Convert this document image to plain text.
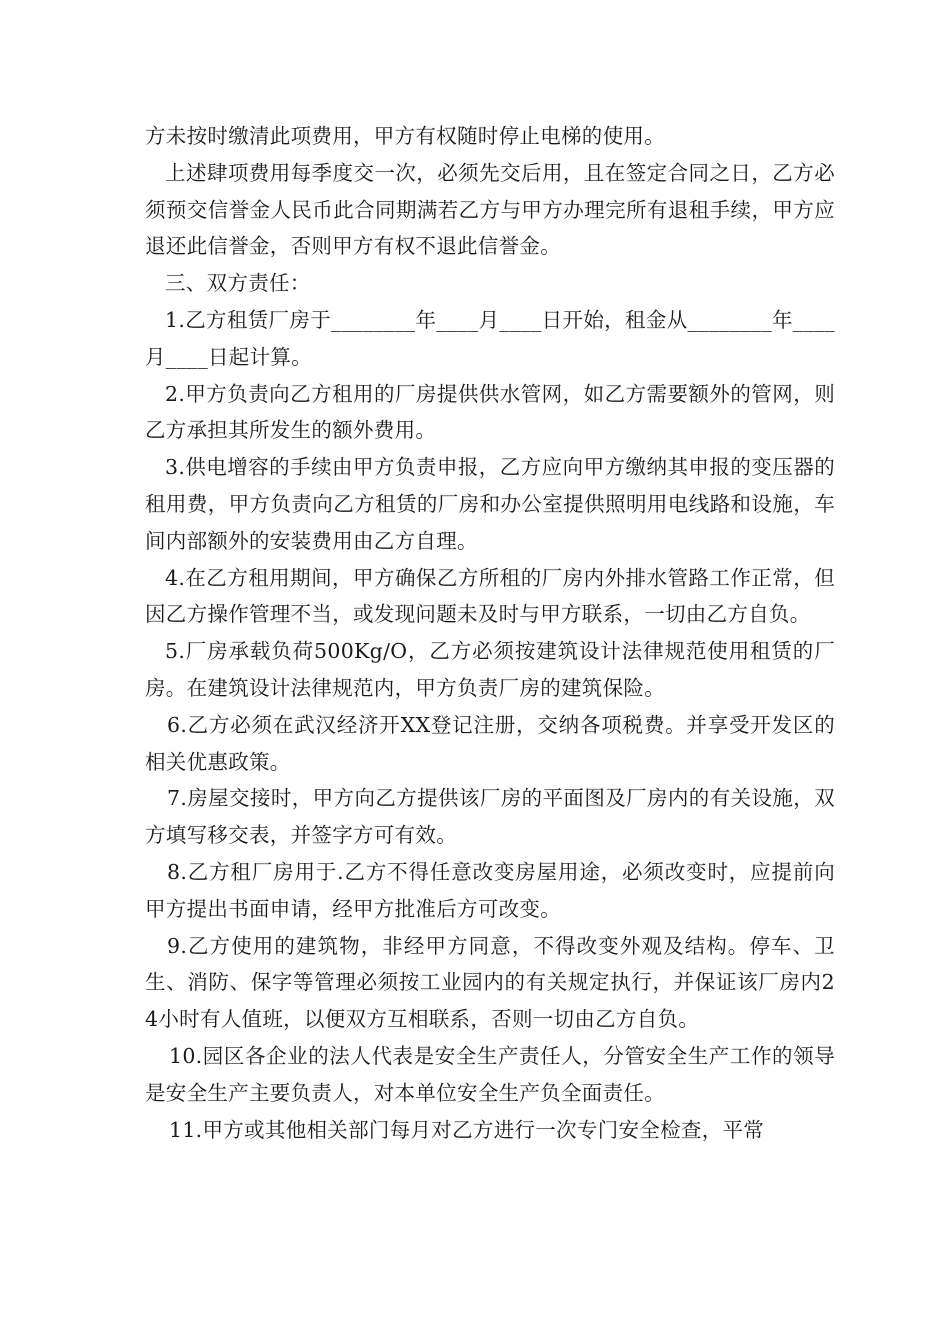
方未按时缴清此项费用，甲方有权随时停止电梯的使用。

上述肆项费用每季度交一次，必须先交后用，且在签定合同之日，乙方必须预交信誉金人民币此合同期满若乙方与甲方办理完所有退租手续，甲方应退还此信誉金，否则甲方有权不退此信誉金。

三、双方责任：

1.乙方租赁厂房于________年____月____日开始，租金从________年____月____日起计算。

2.甲方负责向乙方租用的厂房提供供水管网，如乙方需要额外的管网，则乙方承担其所发生的额外费用。

3.供电增容的手续由甲方负责申报，乙方应向甲方缴纳其申报的变压器的租用费，甲方负责向乙方租赁的厂房和办公室提供照明用电线路和设施，车间内部额外的安装费用由乙方自理。

4.在乙方租用期间，甲方确保乙方所租的厂房内外排水管路工作正常，但因乙方操作管理不当，或发现问题未及时与甲方联系，一切由乙方自负。

5.厂房承载负荷500Kg/O，乙方必须按建筑设计法律规范使用租赁的厂房。在建筑设计法律规范内，甲方负责厂房的建筑保险。

6.乙方必须在武汉经济开XX登记注册，交纳各项税费。并享受开发区的相关优惠政策。

7.房屋交接时，甲方向乙方提供该厂房的平面图及厂房内的有关设施，双方填写移交表，并签字方可有效。

8.乙方租厂房用于.乙方不得任意改变房屋用途，必须改变时，应提前向甲方提出书面申请，经甲方批准后方可改变。

9.乙方使用的建筑物，非经甲方同意，不得改变外观及结构。停车、卫生、消防、保字等管理必须按工业园内的有关规定执行，并保证该厂房内24小时有人值班，以便双方互相联系，否则一切由乙方自负。

10.园区各企业的法人代表是安全生产责任人，分管安全生产工作的领导是安全生产主要负责人，对本单位安全生产负全面责任。

11.甲方或其他相关部门每月对乙方进行一次专门安全检查，平常
